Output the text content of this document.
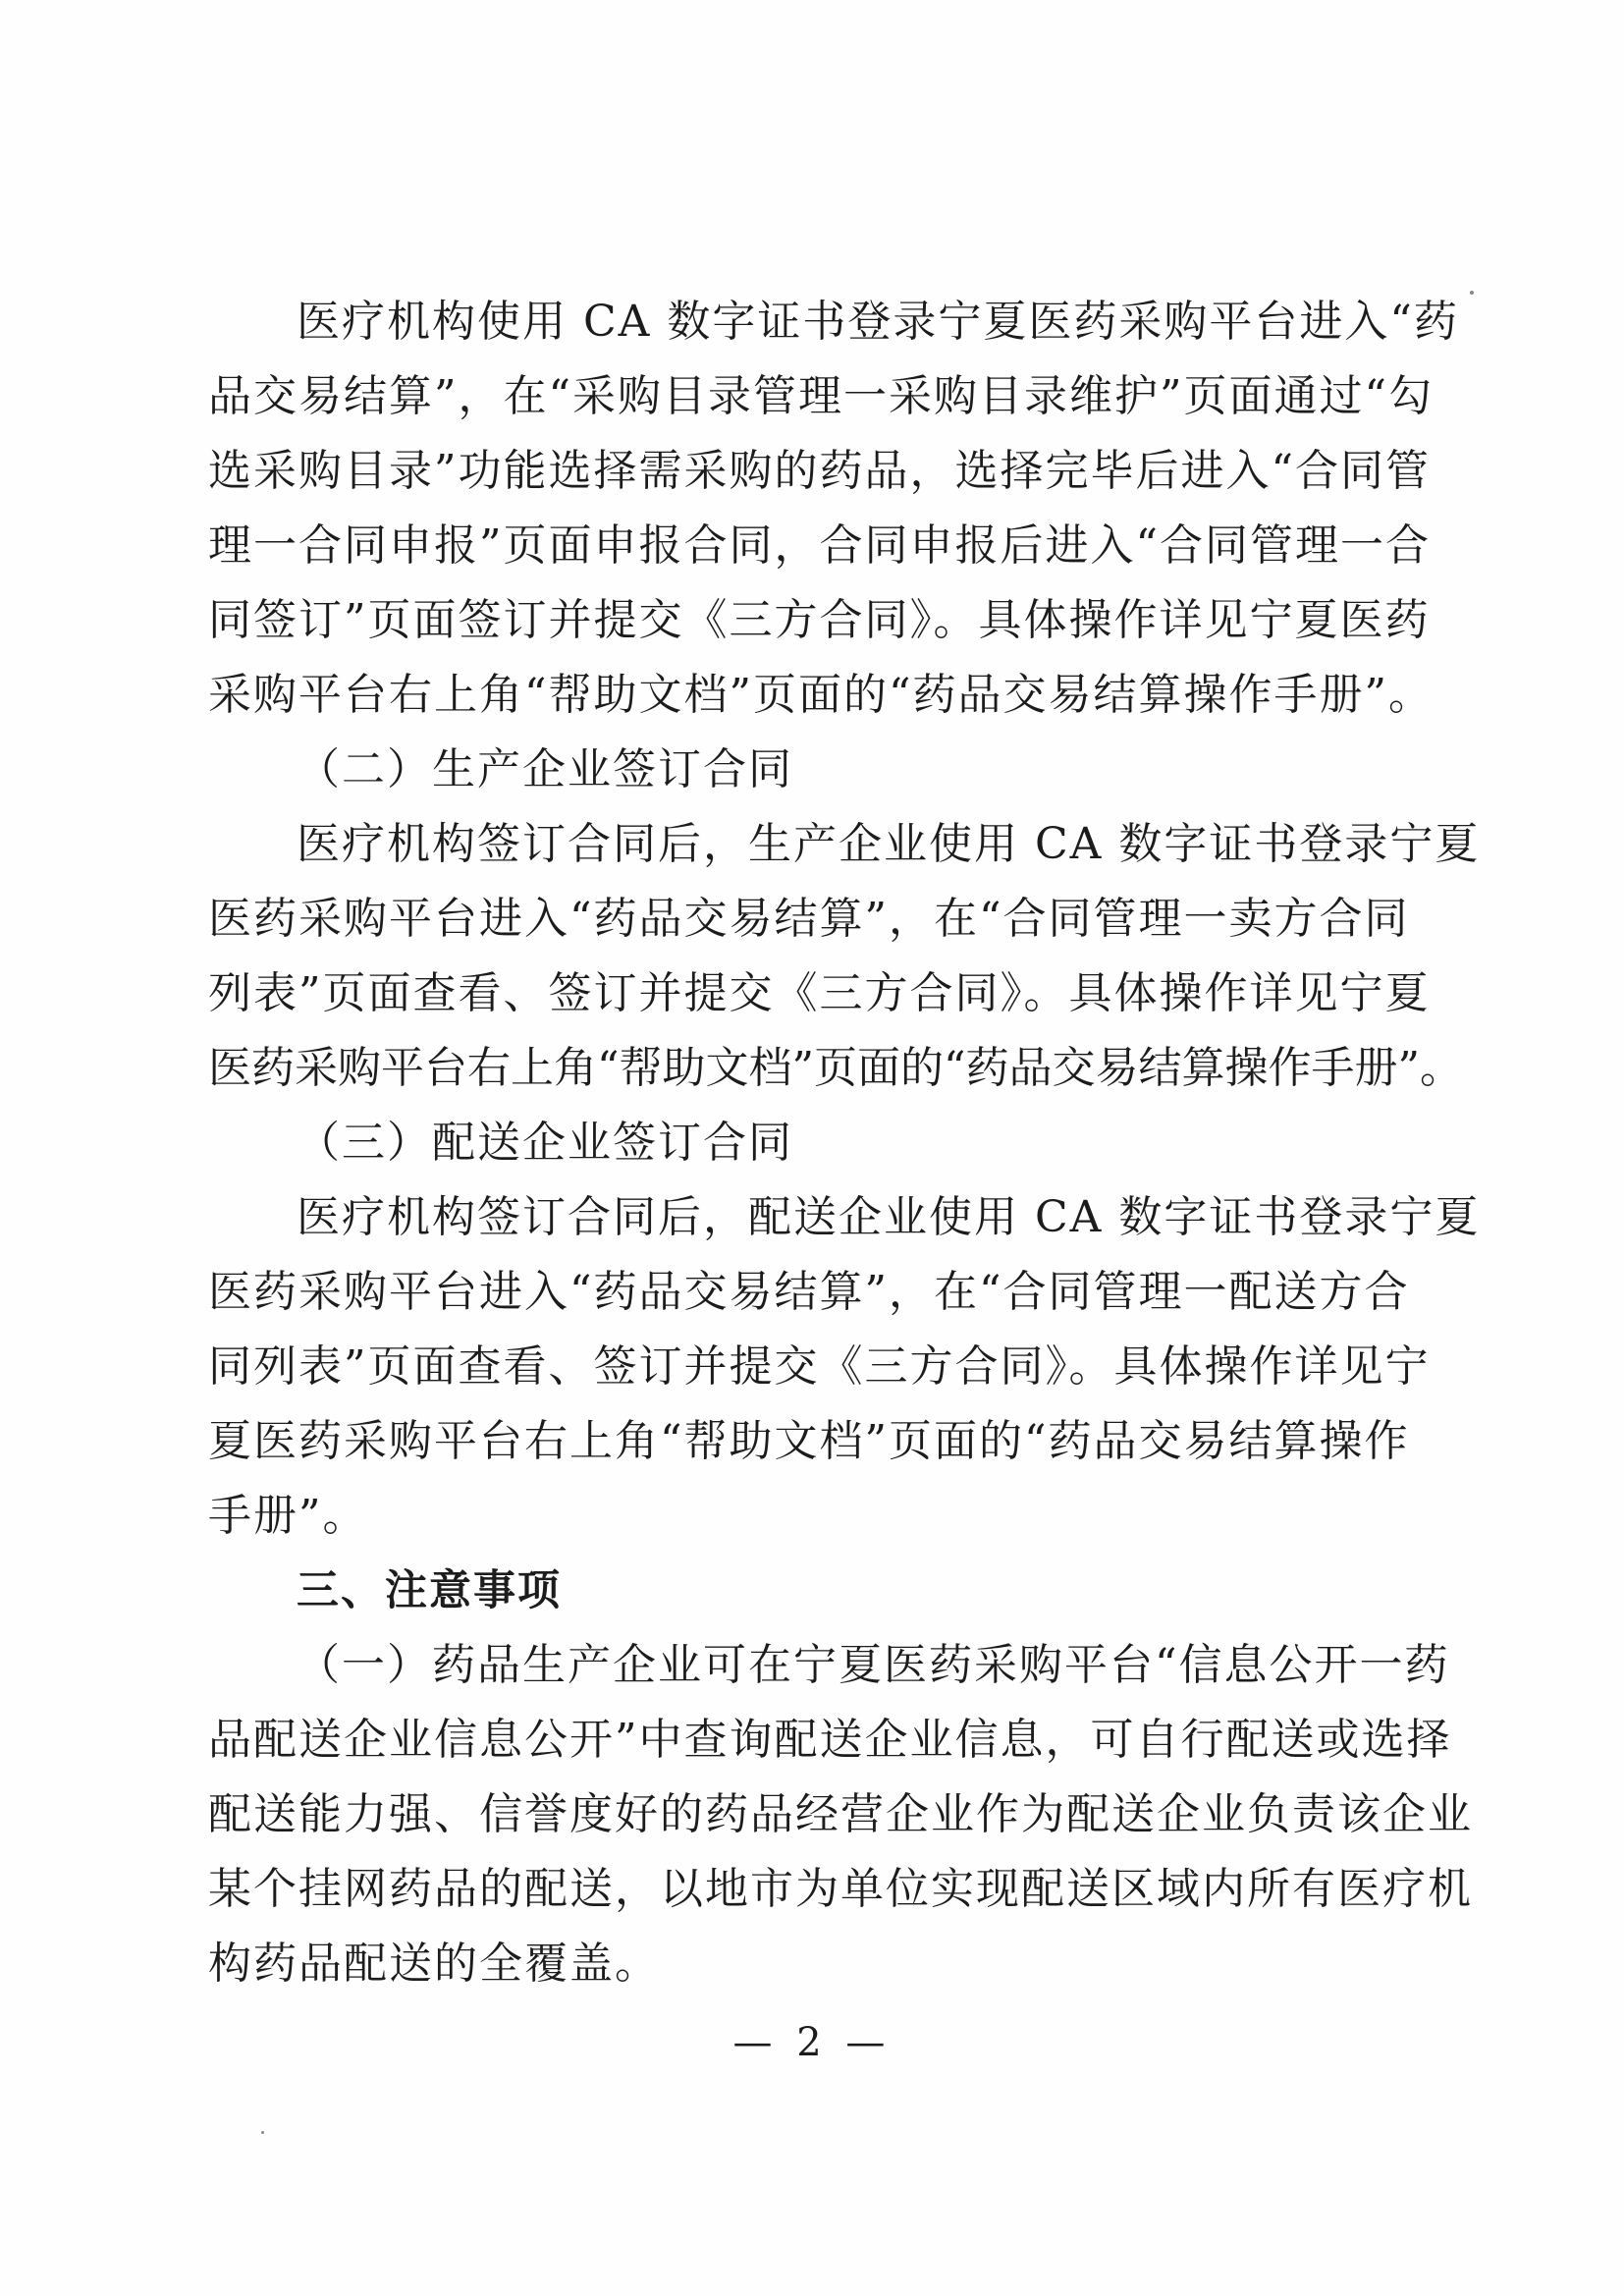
医疗机构使用 CA 数字证书登录宁夏医药采购平台进入“药
品交易结算”，在“采购目录管理一采购目录维护”页面通过“勾
选采购目录”功能选择需采购的药品，选择完毕后进入“合同管
理一合同申报”页面申报合同，合同申报后进入“合同管理一合
同签订”页面签订并提交《三方合同》。具体操作详见宁夏医药
采购平台右上角“帮助文档”页面的“药品交易结算操作手册”。
（二）生产企业签订合同
医疗机构签订合同后，生产企业使用 CA 数字证书登录宁夏
医药采购平台进入“药品交易结算”，在“合同管理一卖方合同
列表”页面查看、签订并提交《三方合同》。具体操作详见宁夏
医药采购平台右上角“帮助文档”页面的“药品交易结算操作手册”。
（三）配送企业签订合同
医疗机构签订合同后，配送企业使用 CA 数字证书登录宁夏
医药采购平台进入“药品交易结算”，在“合同管理一配送方合
同列表”页面查看、签订并提交《三方合同》。具体操作详见宁
夏医药采购平台右上角“帮助文档”页面的“药品交易结算操作
手册”。
三、注意事项
（一）药品生产企业可在宁夏医药采购平台“信息公开一药
品配送企业信息公开”中查询配送企业信息，可自行配送或选择
配送能力强、信誉度好的药品经营企业作为配送企业负责该企业
某个挂网药品的配送，以地市为单位实现配送区域内所有医疗机
构药品配送的全覆盖。
— 2 —
